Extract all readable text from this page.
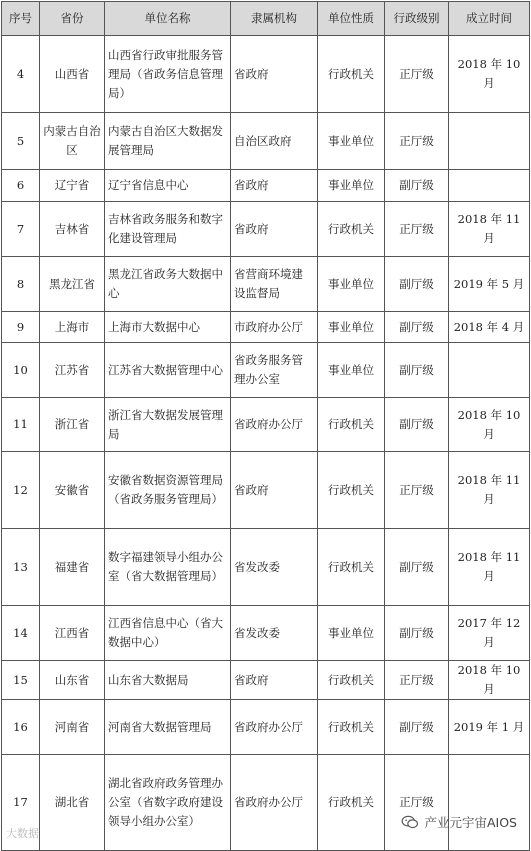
序号	省份	单位名称	隶属机构	单位性质	行政级别	成立时间
4	山西省	山西省行政审批服务管理局（省政务信息管理局）	省政府	行政机关	正厅级	2018 年 10 月
5	内蒙古自治区	内蒙古自治区大数据发展管理局	自治区政府	事业单位	正厅级	
6	辽宁省	辽宁省信息中心	省政府	事业单位	副厅级	
7	吉林省	吉林省政务服务和数字化建设管理局	省政府	行政机关	正厅级	2018 年 11 月
8	黑龙江省	黑龙江省政务大数据中心	省营商环境建设监督局	事业单位	副厅级	2019 年 5 月
9	上海市	上海市大数据中心	市政府办公厅	事业单位	副厅级	2018 年 4 月
10	江苏省	江苏省大数据管理中心	省政务服务管理办公室	事业单位	副厅级	
11	浙江省	浙江省大数据发展管理局	省政府办公厅	行政机关	副厅级	2018 年 10 月
12	安徽省	安徽省数据资源管理局（省政务服务管理局）	省政府	行政机关	正厅级	2018 年 11 月
13	福建省	数字福建领导小组办公室（省大数据管理局）	省发改委	行政机关	副厅级	2018 年 11 月
14	江西省	江西省信息中心（省大数据中心）	省发改委	事业单位	副厅级	2017 年 12 月
15	山东省	山东省大数据局	省政府	行政机关	正厅级	2018 年 10 月
16	河南省	河南省大数据管理局	省政府办公厅	行政机关	副厅级	2019 年 1 月
17	湖北省	湖北省政府政务管理办公室（省数字政府建设领导小组办公室）	省政府办公厅	行政机关	正厅级	
大数据
产业元宇宙AIOS
